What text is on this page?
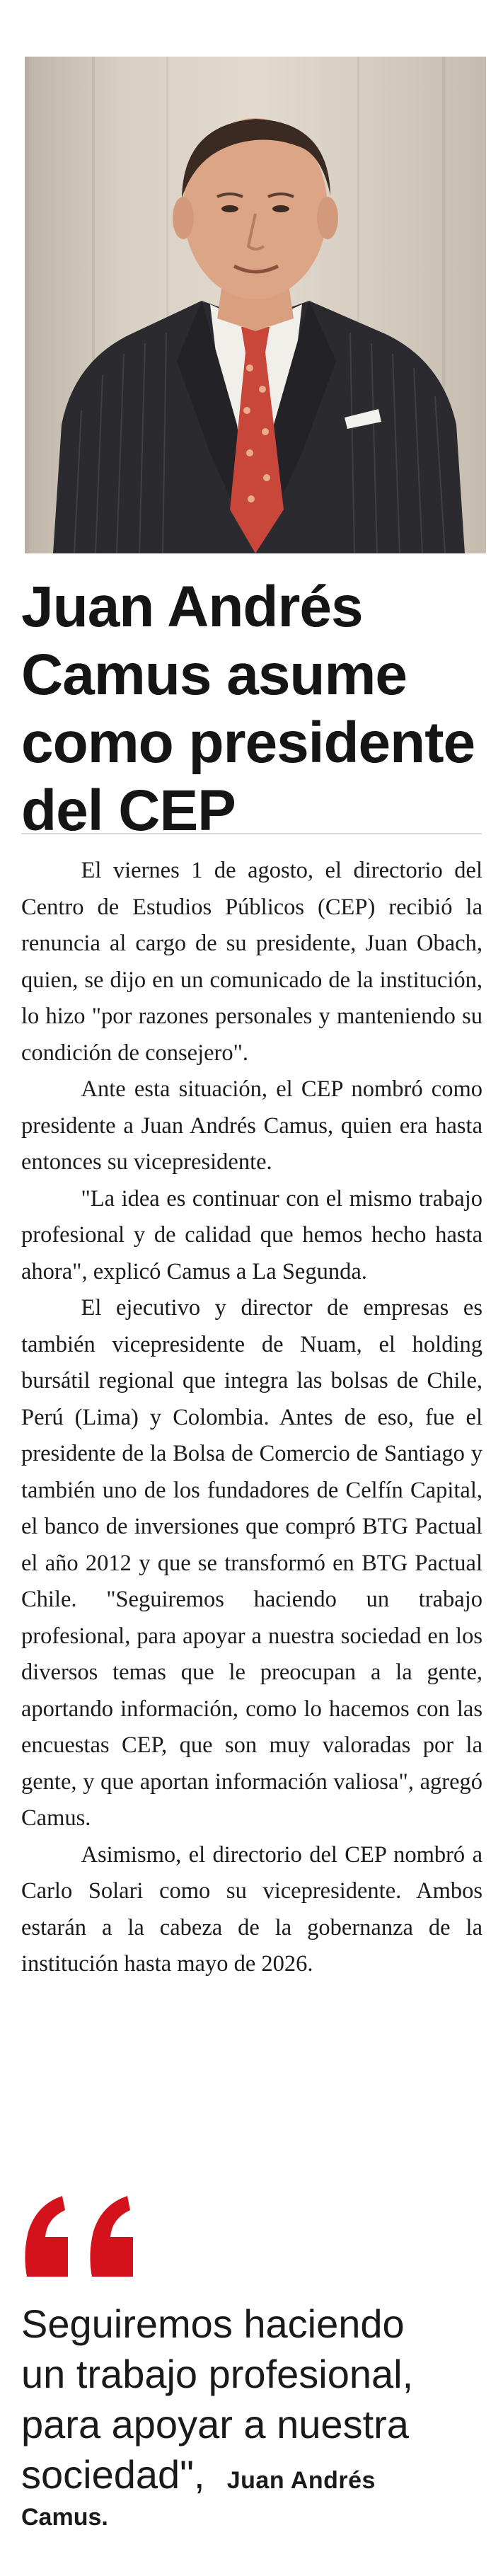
Juan Andrés
Camus asume
como presidente
del CEP

El viernes 1 de agosto, el directorio del Centro de Estudios Públicos (CEP) recibió la renuncia al cargo de su presidente, Juan Obach, quien, se dijo en un comunicado de la institución, lo hizo "por razones personales y manteniendo su condición de consejero".

Ante esta situación, el CEP nombró como presidente a Juan Andrés Camus, quien era hasta entonces su vicepresidente.

"La idea es continuar con el mismo trabajo profesional y de calidad que hemos hecho hasta ahora", explicó Camus a La Segunda.

El ejecutivo y director de empresas es también vicepresidente de Nuam, el holding bursátil regional que integra las bolsas de Chile, Perú (Lima) y Colombia. Antes de eso, fue el presidente de la Bolsa de Comercio de Santiago y también uno de los fundadores de Celfín Capital, el banco de inversiones que compró BTG Pactual el año 2012 y que se transformó en BTG Pactual Chile. "Seguiremos haciendo un trabajo profesional, para apoyar a nuestra sociedad en los diversos temas que le preocupan a la gente, aportando información, como lo hacemos con las encuestas CEP, que son muy valoradas por la gente, y que aportan información valiosa", agregó Camus.

Asimismo, el directorio del CEP nombró a Carlo Solari como su vicepresidente. Ambos estarán a la cabeza de la gobernanza de la institución hasta mayo de 2026.

Seguiremos haciendo
un trabajo profesional,
para apoyar a nuestra
sociedad", Juan Andrés
Camus.
